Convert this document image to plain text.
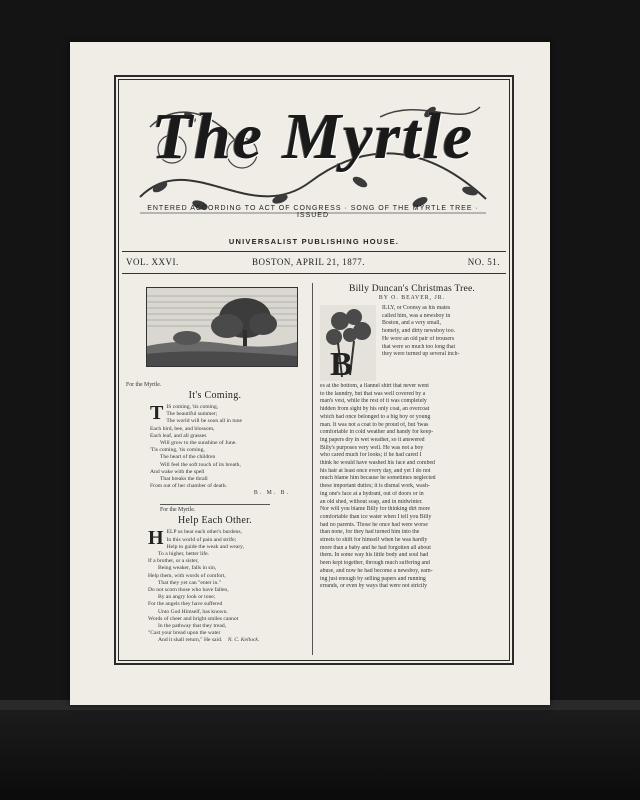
The Myrtle
ENTERED ACCORDING TO ACT OF CONGRESS · SONG OF THE MYRTLE TREE · ISSUED
UNIVERSALIST PUBLISHING HOUSE.
VOL. XXVI.	BOSTON, APRIL 21, 1877.	NO. 51.
For the Myrtle.
It's Coming.
T IS coming, 'tis coming,
The beautiful summer;
The world will be soon all in tune
Each bird, bee, and blossom,
Each leaf, and all grasses
Will grow to the sunshine of June.
'Tis coming, 'tis coming,
The heart of the children
Will feel the soft touch of its breath,
And wake with the spell
That breaks the thrall
From out of her chamber of death.
B. M. B.
For the Myrtle.
Help Each Other.
H ELP us bear each other's burdens,
In this world of pain and strife;
Help to guide the weak and weary,
To a higher, better life.
If a brother, or a sister,
Being weaker, falls in sin,
Help them, with words of comfort,
That they yet can "enter in."
Do not scorn those who have fallen,
By an angry look or tone;
For the angels they have suffered
Unto God Himself, has known.
Words of cheer and bright smiles cannot
In the pathway that they tread,
"Cast your bread upon the water
And it shall return," He said. N. C. Kellock.
Billy Duncan's Christmas Tree.
BY O. BEAVER, JR.
B
ILLY, or Coonsy as his mates
called him, was a newsboy in
Boston, and a very small,
homely, and dirty newsboy too.
He wore an old pair of trousers
that were so much too long that
they were turned up several inch-
es at the bottom, a flannel shirt that never went
to the laundry, but that was well covered by a
man's vest, while the rest of it was completely
hidden from sight by his only coat, an overcoat
which had once belonged to a big boy or young
man. It was not a coat to be proud of, but 'twas
comfortable in cold weather and handy for keep-
ing papers dry in wet weather, so it answered
Billy's purposes very well. He was not a boy
who cared much for looks; if he had cared I
think he would have washed his face and combed
his hair at least once every day, and yet I do not
much blame him because he sometimes neglected
these important duties; it is dismal work, wash-
ing one's face at a hydrant, out of doors or in
an old shed, without soap, and in midwinter.
Nor will you blame Billy for thinking dirt more
comfortable than ice water when I tell you Billy
had no parents. Those he once had were worse
than none, for they had turned him into the
streets to shift for himself when he was hardly
more than a baby and he had forgotten all about
them. In some way his little body and soul had
been kept together, through much suffering and
abuse, and now he had become a newsboy, earn-
ing just enough by selling papers and running
errands, or even by ways that were not strictly
